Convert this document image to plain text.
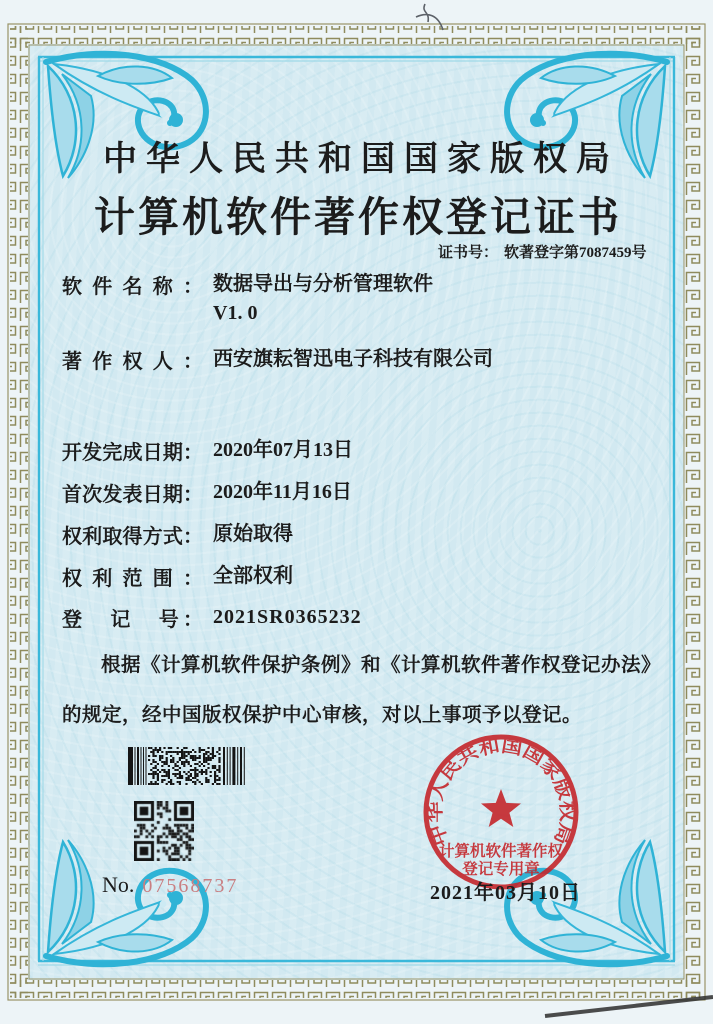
中华人民共和国国家版权局
计算机软件著作权登记证书
证书号： 软著登字第7087459号
软件名称： 数据导出与分析管理软件
V1. 0
著作权人： 西安旗耘智迅电子科技有限公司
开发完成日期： 2020年07月13日
首次发表日期： 2020年11月16日
权利取得方式： 原始取得
权利范围： 全部权利
登　记　号： 2021SR0365232

根据《计算机软件保护条例》和《计算机软件著作权登记办法》的规定，经中国版权保护中心审核，对以上事项予以登记。

No. 07568737
中华人民共和国国家版权局
计算机软件著作权
登记专用章
2021年03月10日
